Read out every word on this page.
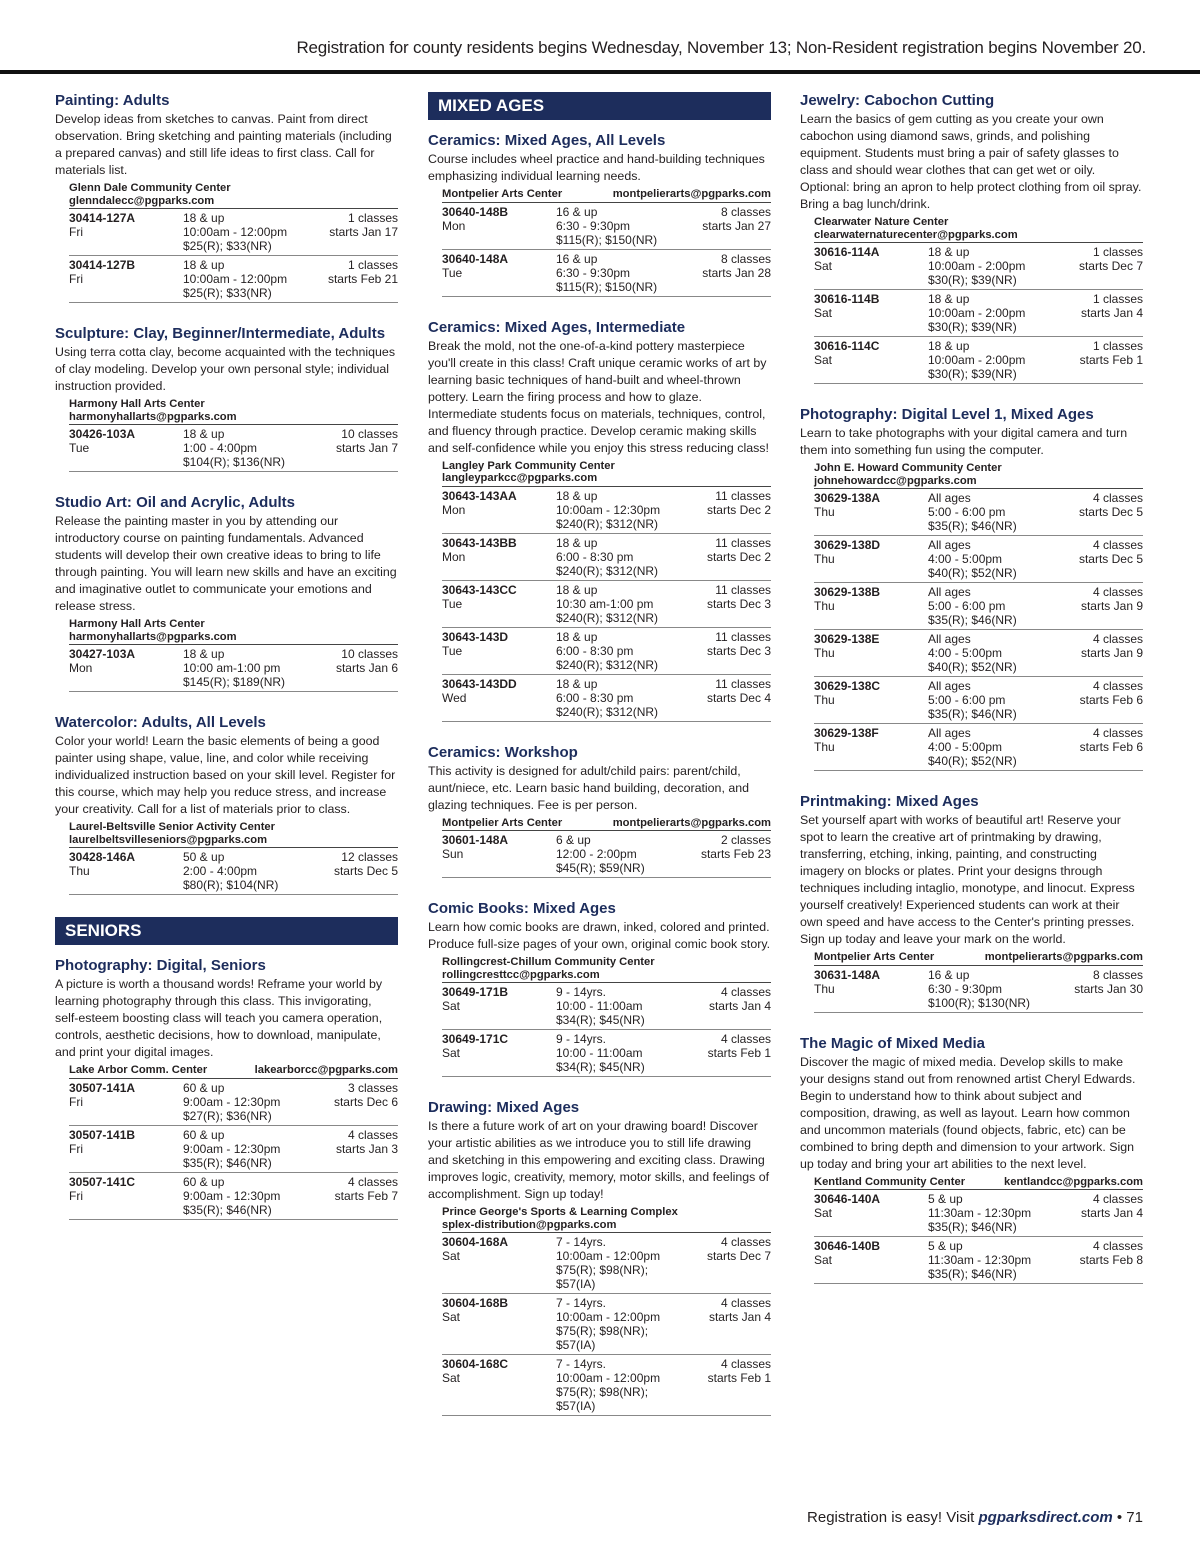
Registration for county residents begins Wednesday, November 13; Non-Resident registration begins November 20.
Painting: Adults
Develop ideas from sketches to canvas. Paint from direct observation. Bring sketching and painting materials (including a prepared canvas) and still life ideas to first class. Call for materials list.
Glenn Dale Community Center
glenndalecc@pgparks.com
30414-127A
Fri
18 & up
10:00am - 12:00pm
$25(R); $33(NR)
1 classes
starts Jan 17
30414-127B
Fri
18 & up
10:00am - 12:00pm
$25(R); $33(NR)
1 classes
starts Feb 21
Sculpture: Clay, Beginner/Intermediate, Adults
Using terra cotta clay, become acquainted with the techniques of clay modeling. Develop your own personal style; individual instruction provided.
Harmony Hall Arts Center
harmonyhallarts@pgparks.com
30426-103A
Tue
18 & up
1:00 - 4:00pm
$104(R); $136(NR)
10 classes
starts Jan 7
Studio Art: Oil and Acrylic, Adults
Release the painting master in you by attending our introductory course on painting fundamentals. Advanced students will develop their own creative ideas to bring to life through painting. You will learn new skills and have an exciting and imaginative outlet to communicate your emotions and release stress.
Harmony Hall Arts Center
harmonyhallarts@pgparks.com
30427-103A
Mon
18 & up
10:00 am-1:00 pm
$145(R); $189(NR)
10 classes
starts Jan 6
Watercolor: Adults, All Levels
Color your world! Learn the basic elements of being a good painter using shape, value, line, and color while receiving individualized instruction based on your skill level. Register for this course, which may help you reduce stress, and increase your creativity. Call for a list of materials prior to class.
Laurel-Beltsville Senior Activity Center
laurelbeltsvilleseniors@pgparks.com
30428-146A
Thu
50 & up
2:00 - 4:00pm
$80(R); $104(NR)
12 classes
starts Dec 5
SENIORS
Photography: Digital, Seniors
A picture is worth a thousand words! Reframe your world by learning photography through this class. This invigorating, self-esteem boosting class will teach you camera operation, controls, aesthetic decisions, how to download, manipulate, and print your digital images.
Lake Arbor Comm. Center	lakearborcc@pgparks.com
30507-141A
Fri
60 & up
9:00am - 12:30pm
$27(R); $36(NR)
3 classes
starts Dec 6
30507-141B
Fri
60 & up
9:00am - 12:30pm
$35(R); $46(NR)
4 classes
starts Jan 3
30507-141C
Fri
60 & up
9:00am - 12:30pm
$35(R); $46(NR)
4 classes
starts Feb 7
MIXED AGES
Ceramics: Mixed Ages, All Levels
Course includes wheel practice and hand-building techniques emphasizing individual learning needs.
Montpelier Arts Center	montpelierarts@pgparks.com
30640-148B
Mon
16 & up
6:30 - 9:30pm
$115(R); $150(NR)
8 classes
starts Jan 27
30640-148A
Tue
16 & up
6:30 - 9:30pm
$115(R); $150(NR)
8 classes
starts Jan 28
Ceramics: Mixed Ages, Intermediate
Break the mold, not the one-of-a-kind pottery masterpiece you'll create in this class! Craft unique ceramic works of art by learning basic techniques of hand-built and wheel-thrown pottery. Learn the firing process and how to glaze. Intermediate students focus on materials, techniques, control, and fluency through practice. Develop ceramic making skills and self-confidence while you enjoy this stress reducing class!
Langley Park Community Center
langleyparkcc@pgparks.com
30643-143AA
Mon
18 & up
10:00am - 12:30pm
$240(R); $312(NR)
11 classes
starts Dec 2
30643-143BB
Mon
18 & up
6:00 - 8:30 pm
$240(R); $312(NR)
11 classes
starts Dec 2
30643-143CC
Tue
18 & up
10:30 am-1:00 pm
$240(R); $312(NR)
11 classes
starts Dec 3
30643-143D
Tue
18 & up
6:00 - 8:30 pm
$240(R); $312(NR)
11 classes
starts Dec 3
30643-143DD
Wed
18 & up
6:00 - 8:30 pm
$240(R); $312(NR)
11 classes
starts Dec 4
Ceramics: Workshop
This activity is designed for adult/child pairs: parent/child, aunt/niece, etc. Learn basic hand building, decoration, and glazing techniques. Fee is per person.
Montpelier Arts Center	montpelierarts@pgparks.com
30601-148A
Sun
6 & up
12:00 - 2:00pm
$45(R); $59(NR)
2 classes
starts Feb 23
Comic Books: Mixed Ages
Learn how comic books are drawn, inked, colored and printed. Produce full-size pages of your own, original comic book story.
Rollingcrest-Chillum Community Center
rollingcresttcc@pgparks.com
30649-171B
Sat
9 - 14yrs.
10:00 - 11:00am
$34(R); $45(NR)
4 classes
starts Jan 4
30649-171C
Sat
9 - 14yrs.
10:00 - 11:00am
$34(R); $45(NR)
4 classes
starts Feb 1
Drawing: Mixed Ages
Is there a future work of art on your drawing board! Discover your artistic abilities as we introduce you to still life drawing and sketching in this empowering and exciting class. Drawing improves logic, creativity, memory, motor skills, and feelings of accomplishment. Sign up today!
Prince George's Sports & Learning Complex
splex-distribution@pgparks.com
30604-168A
Sat
7 - 14yrs.
10:00am - 12:00pm
$75(R); $98(NR); $57(IA)
4 classes
starts Dec 7
30604-168B
Sat
7 - 14yrs.
10:00am - 12:00pm
$75(R); $98(NR); $57(IA)
4 classes
starts Jan 4
30604-168C
Sat
7 - 14yrs.
10:00am - 12:00pm
$75(R); $98(NR); $57(IA)
4 classes
starts Feb 1
Jewelry: Cabochon Cutting
Learn the basics of gem cutting as you create your own cabochon using diamond saws, grinds, and polishing equipment. Students must bring a pair of safety glasses to class and should wear clothes that can get wet or oily. Optional: bring an apron to help protect clothing from oil spray. Bring a bag lunch/drink.
Clearwater Nature Center
clearwaternaturecenter@pgparks.com
30616-114A
Sat
18 & up
10:00am - 2:00pm
$30(R); $39(NR)
1 classes
starts Dec 7
30616-114B
Sat
18 & up
10:00am - 2:00pm
$30(R); $39(NR)
1 classes
starts Jan 4
30616-114C
Sat
18 & up
10:00am - 2:00pm
$30(R); $39(NR)
1 classes
starts Feb 1
Photography: Digital Level 1, Mixed Ages
Learn to take photographs with your digital camera and turn them into something fun using the computer.
John E. Howard Community Center
johnehowardcc@pgparks.com
30629-138A
Thu
All ages
5:00 - 6:00 pm
$35(R); $46(NR)
4 classes
starts Dec 5
30629-138D
Thu
All ages
4:00 - 5:00pm
$40(R); $52(NR)
4 classes
starts Dec 5
30629-138B
Thu
All ages
5:00 - 6:00 pm
$35(R); $46(NR)
4 classes
starts Jan 9
30629-138E
Thu
All ages
4:00 - 5:00pm
$40(R); $52(NR)
4 classes
starts Jan 9
30629-138C
Thu
All ages
5:00 - 6:00 pm
$35(R); $46(NR)
4 classes
starts Feb 6
30629-138F
Thu
All ages
4:00 - 5:00pm
$40(R); $52(NR)
4 classes
starts Feb 6
Printmaking: Mixed Ages
Set yourself apart with works of beautiful art! Reserve your spot to learn the creative art of printmaking by drawing, transferring, etching, inking, painting, and constructing imagery on blocks or plates. Print your designs through techniques including intaglio, monotype, and linocut. Express yourself creatively! Experienced students can work at their own speed and have access to the Center's printing presses. Sign up today and leave your mark on the world.
Montpelier Arts Center	montpelierarts@pgparks.com
30631-148A
Thu
16 & up
6:30 - 9:30pm
$100(R); $130(NR)
8 classes
starts Jan 30
The Magic of Mixed Media
Discover the magic of mixed media. Develop skills to make your designs stand out from renowned artist Cheryl Edwards. Begin to understand how to think about subject and composition, drawing, as well as layout. Learn how common and uncommon materials (found objects, fabric, etc) can be combined to bring depth and dimension to your artwork. Sign up today and bring your art abilities to the next level.
Kentland Community Center	kentlandcc@pgparks.com
30646-140A
Sat
5 & up
11:30am - 12:30pm
$35(R); $46(NR)
4 classes
starts Jan 4
30646-140B
Sat
5 & up
11:30am - 12:30pm
$35(R); $46(NR)
4 classes
starts Feb 8
Registration is easy! Visit pgparksdirect.com • 71
